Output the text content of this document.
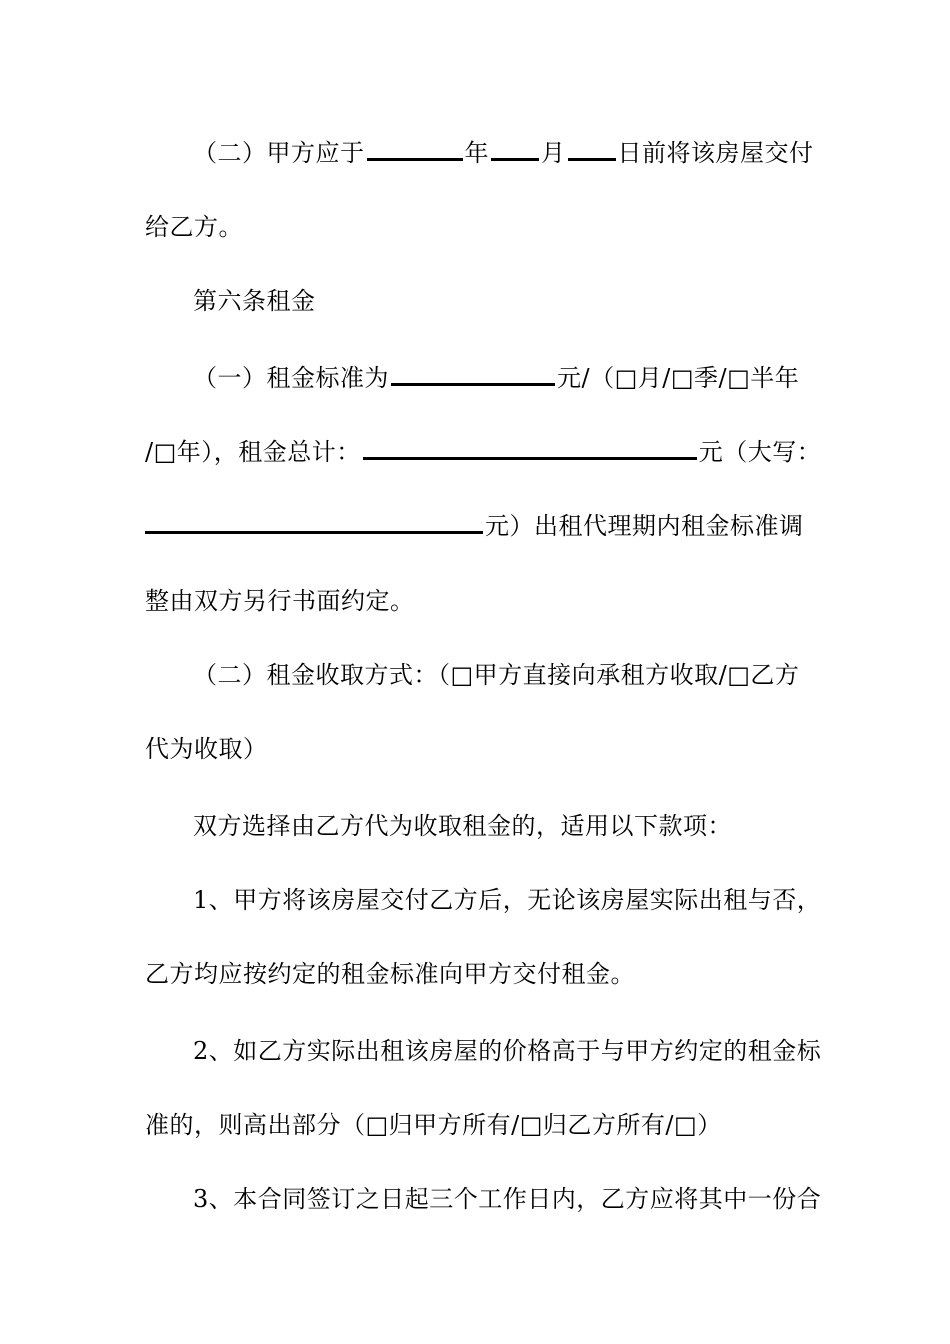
（二）甲方应于	年 月 日前将该房屋交付
给乙方。
第六条租金
（一）租金标准为	元/（□月/□季/□半年
/□年），租金总计：	元（大写：
元）出租代理期内租金标准调
整由双方另行书面约定。
（二）租金收取方式：（□甲方直接向承租方收取/□乙方
代为收取）
双方选择由乙方代为收取租金的，适用以下款项：
1、甲方将该房屋交付乙方后，无论该房屋实际出租与否，
乙方均应按约定的租金标准向甲方交付租金。
2、如乙方实际出租该房屋的价格高于与甲方约定的租金标
准的，则高出部分（□归甲方所有/□归乙方所有/□）
3、本合同签订之日起三个工作日内，乙方应将其中一份合
